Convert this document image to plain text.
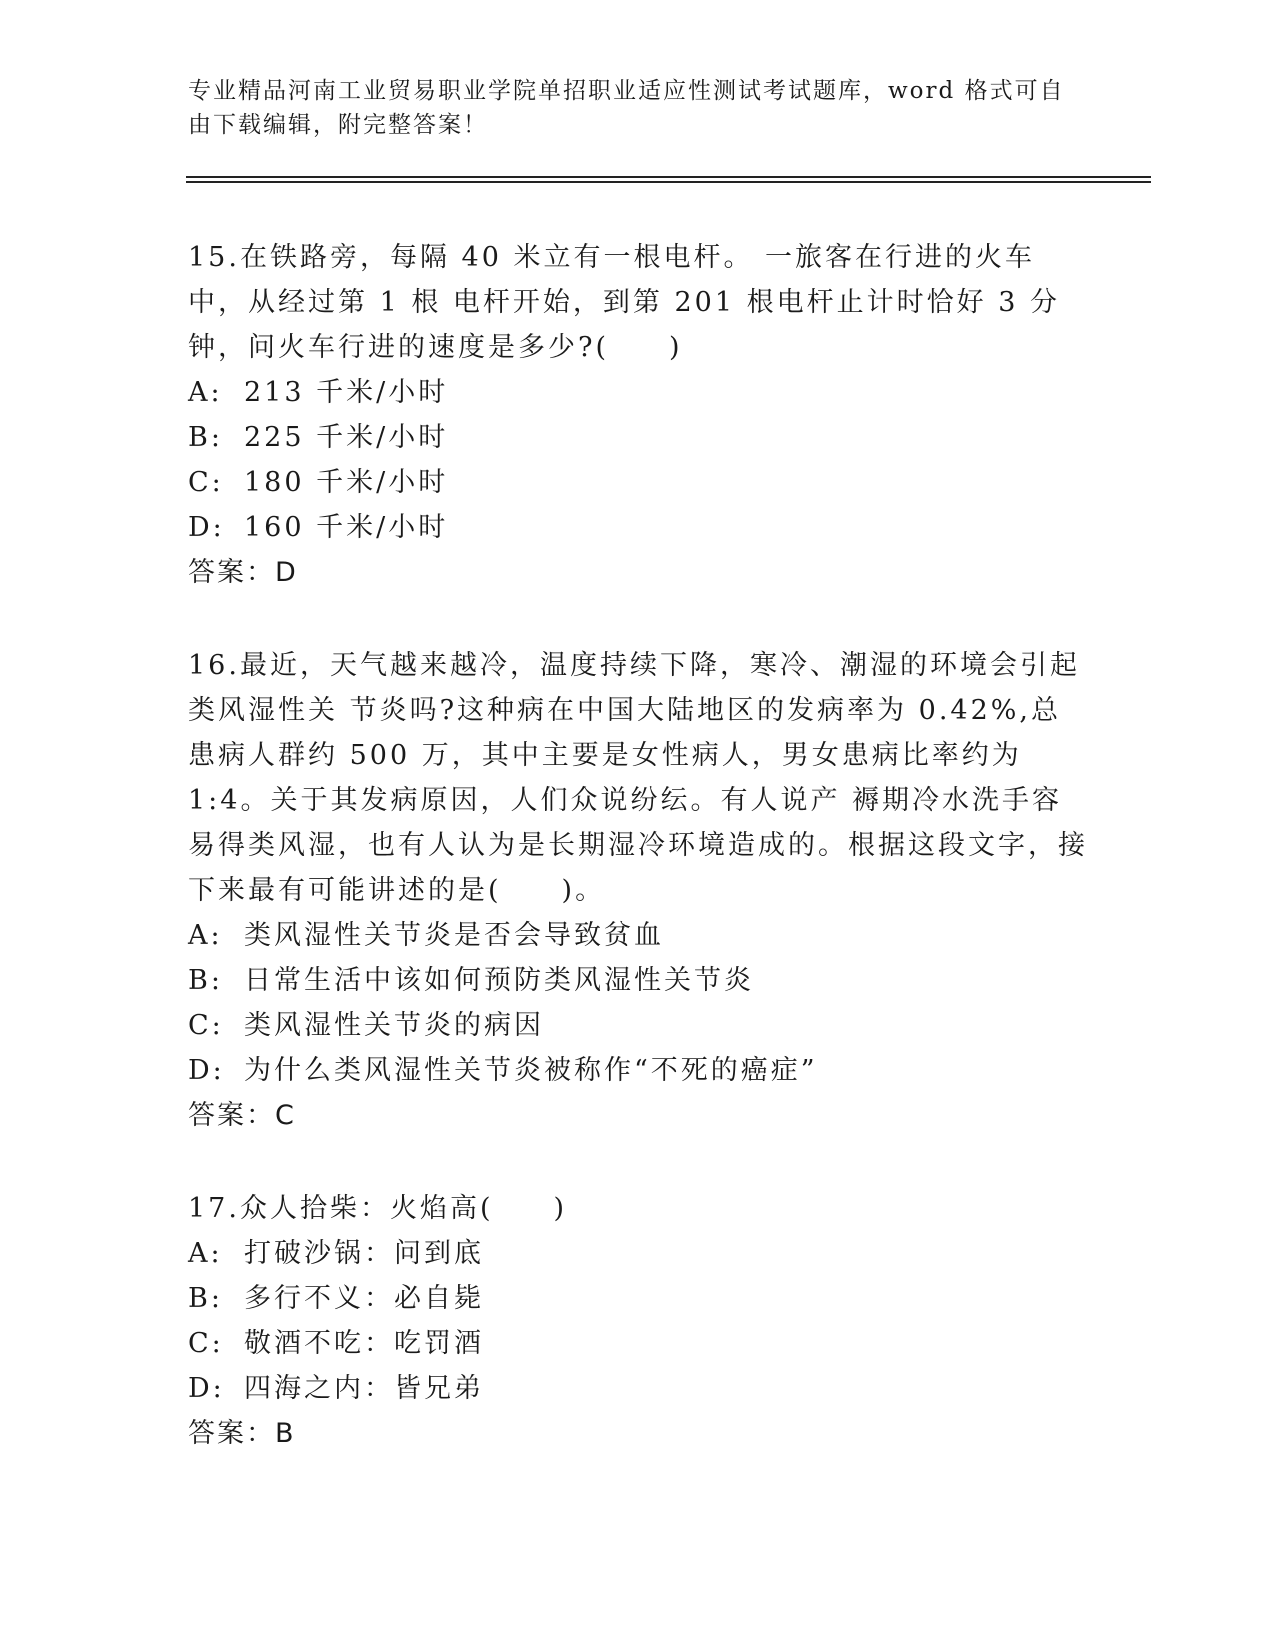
专业精品河南工业贸易职业学院单招职业适应性测试考试题库，word 格式可自由下载编辑，附完整答案！

15.在铁路旁，每隔 40 米立有一根电杆。 一旅客在行进的火车中，从经过第 1 根 电杆开始，到第 201 根电杆止计时恰好 3 分钟，问火车行进的速度是多少?(　　)

A: 213 千米/小时

B: 225 千米/小时

C: 180 千米/小时

D: 160 千米/小时

答案：D

16.最近，天气越来越冷，温度持续下降，寒冷、潮湿的环境会引起类风湿性关 节炎吗?这种病在中国大陆地区的发病率为 0.42%,总患病人群约 500 万，其中主要是女性病人，男女患病比率约为 1:4。关于其发病原因，人们众说纷纭。有人说产 褥期冷水洗手容易得类风湿，也有人认为是长期湿冷环境造成的。根据这段文字，接下来最有可能讲述的是(　　)。

A: 类风湿性关节炎是否会导致贫血

B: 日常生活中该如何预防类风湿性关节炎

C: 类风湿性关节炎的病因

D: 为什么类风湿性关节炎被称作“不死的癌症”

答案：C

17.众人拾柴：火焰高(　　)

A: 打破沙锅：问到底

B: 多行不义：必自毙

C: 敬酒不吃：吃罚酒

D: 四海之内：皆兄弟

答案：B
